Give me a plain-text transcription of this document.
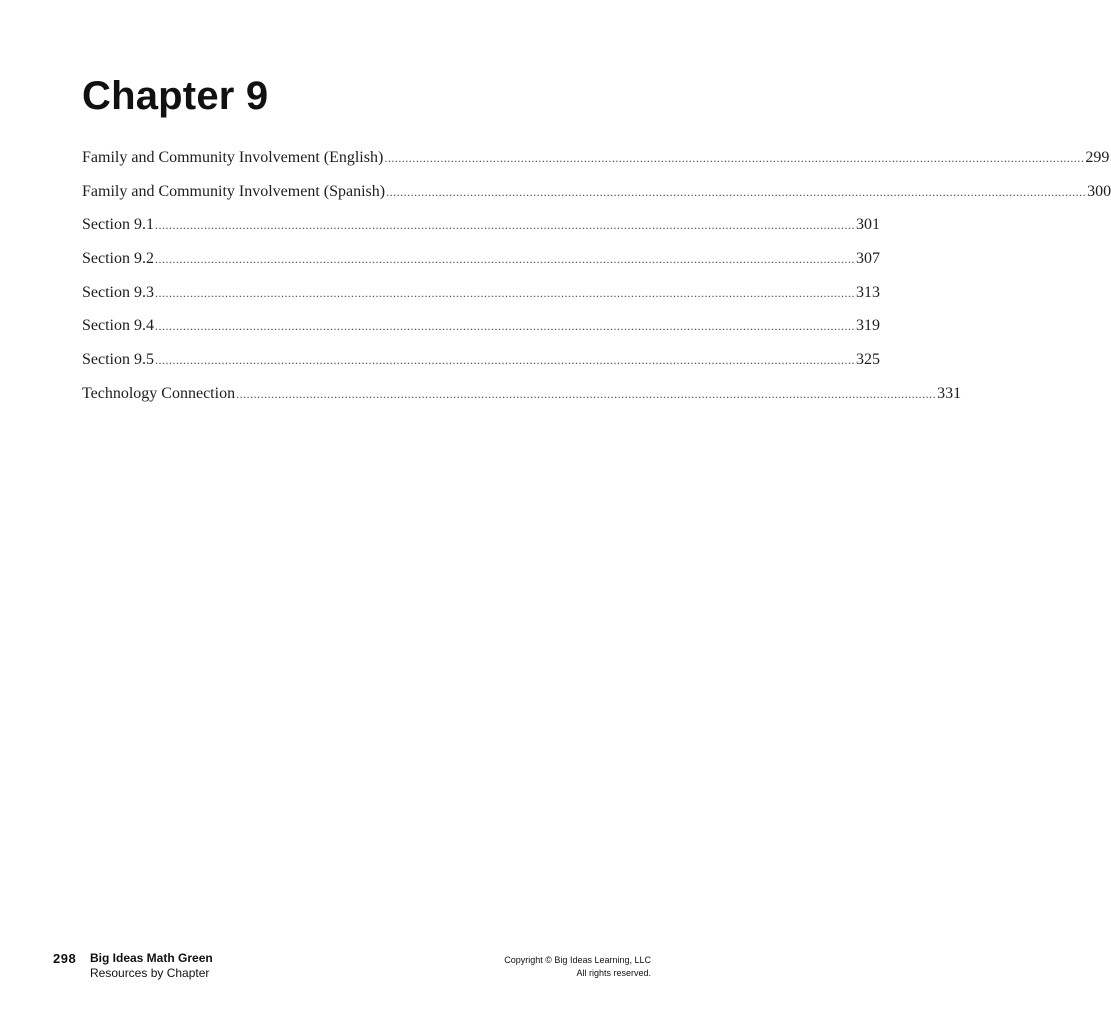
Chapter 9
Family and Community Involvement (English) ........................................................................................................................................................................................................ 299
Family and Community Involvement (Spanish) ........................................................................................................................................................................................................ 300
Section 9.1 ........................................................................................................................................................................................................ 301
Section 9.2 ........................................................................................................................................................................................................ 307
Section 9.3 ........................................................................................................................................................................................................ 313
Section 9.4 ........................................................................................................................................................................................................ 319
Section 9.5 ........................................................................................................................................................................................................ 325
Technology Connection ........................................................................................................................................................................................................ 331
298 Big Ideas Math Green
Resources by Chapter
Copyright © Big Ideas Learning, LLC
All rights reserved.
